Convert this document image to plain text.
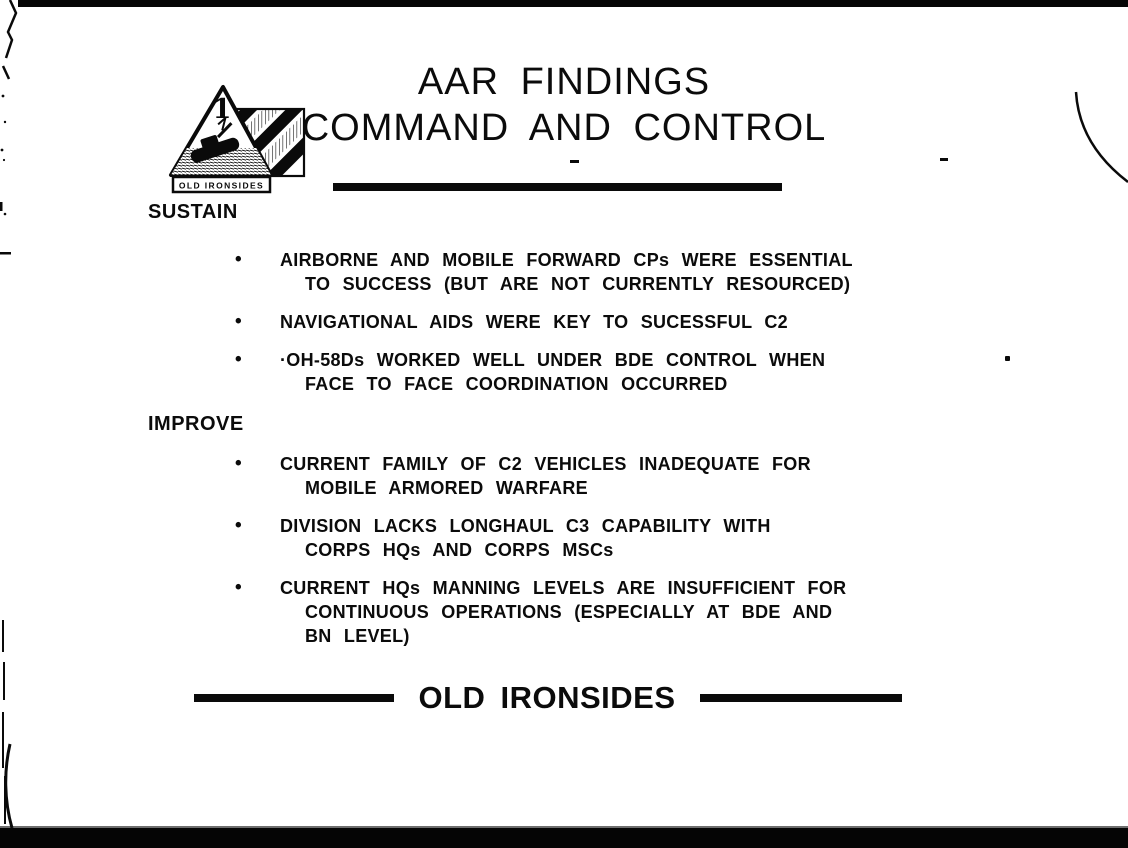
1
OLD IRONSIDES
AAR FINDINGS
COMMAND AND CONTROL
SUSTAIN
•	AIRBORNE AND MOBILE FORWARD CPs WERE ESSENTIAL
TO SUCCESS (BUT ARE NOT CURRENTLY RESOURCED)
•	NAVIGATIONAL AIDS WERE KEY TO SUCESSFUL C2
•	·OH-58Ds WORKED WELL UNDER BDE CONTROL WHEN
FACE TO FACE COORDINATION OCCURRED
IMPROVE
•	CURRENT FAMILY OF C2 VEHICLES INADEQUATE FOR
MOBILE ARMORED WARFARE
•	DIVISION LACKS LONGHAUL C3 CAPABILITY WITH
CORPS HQs AND CORPS MSCs
•	CURRENT HQs MANNING LEVELS ARE INSUFFICIENT FOR
CONTINUOUS OPERATIONS (ESPECIALLY AT BDE AND
BN LEVEL)
OLD IRONSIDES
